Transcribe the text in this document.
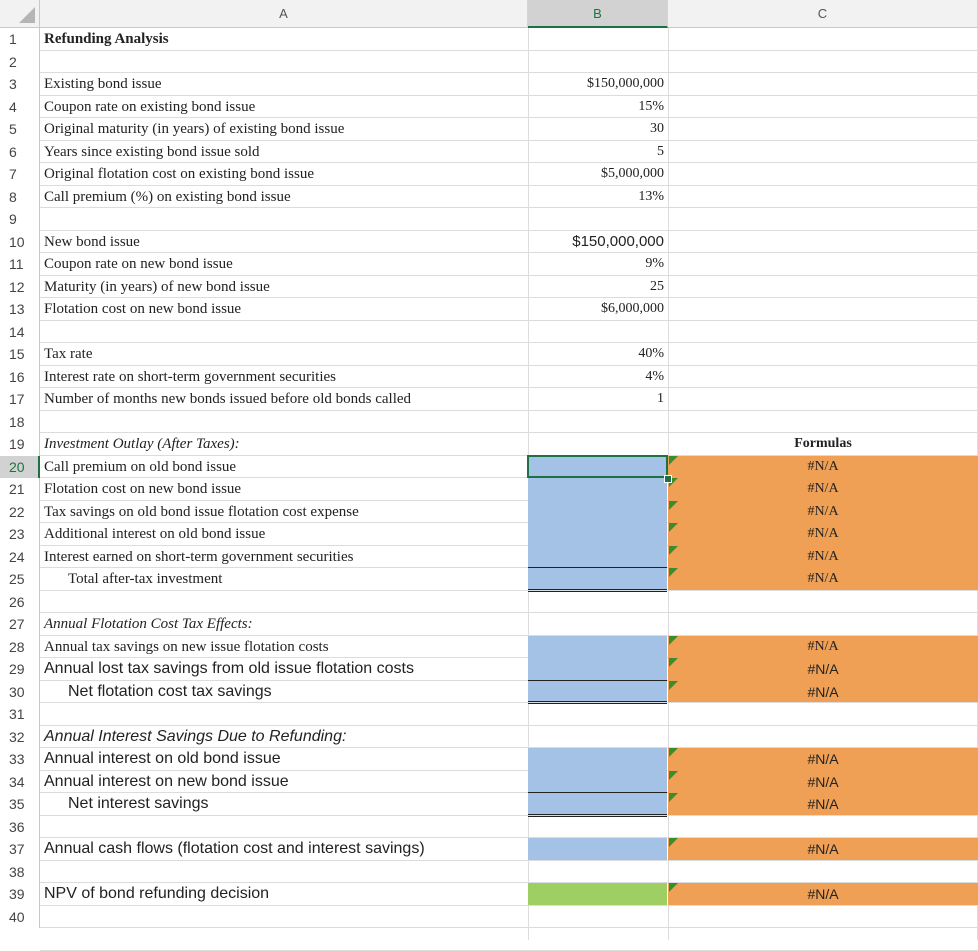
A	B	C
1
2
3
4
5
6
7
8
9
10
11
12
13
14
15
16
17
18
19
20
21
22
23
24
25
26
27
28
29
30
31
32
33
34
35
36
37
38
39
40
Refunding Analysis
Existing bond issue
Coupon rate on existing bond issue
Original maturity (in years) of existing bond issue
Years since existing bond issue sold
Original flotation cost on existing bond issue
Call premium (%) on existing bond issue
New bond issue
Coupon rate on new bond issue
Maturity (in years) of new bond issue
Flotation cost on new bond issue
Tax rate
Interest rate on short-term government securities
Number of months new bonds issued before old bonds called
Investment Outlay (After Taxes):
Call premium on old bond issue
Flotation cost on new bond issue
Tax savings on old bond issue flotation cost expense
Additional interest on old bond issue
Interest earned on short-term government securities
Total after-tax investment
Annual Flotation Cost Tax Effects:
Annual tax savings on new issue flotation costs
Annual lost tax savings from old issue flotation costs
Net flotation cost tax savings
Annual Interest Savings Due to Refunding:
Annual interest on old bond issue
Annual interest on new bond issue
Net interest savings
Annual cash flows (flotation cost and interest savings)
NPV of bond refunding decision
$150,000,000
15%
30
5
$5,000,000
13%
$150,000,000
9%
25
$6,000,000
40%
4%
1
Formulas
#N/A
#N/A
#N/A
#N/A
#N/A
#N/A
#N/A
#N/A
#N/A
#N/A
#N/A
#N/A
#N/A
#N/A
